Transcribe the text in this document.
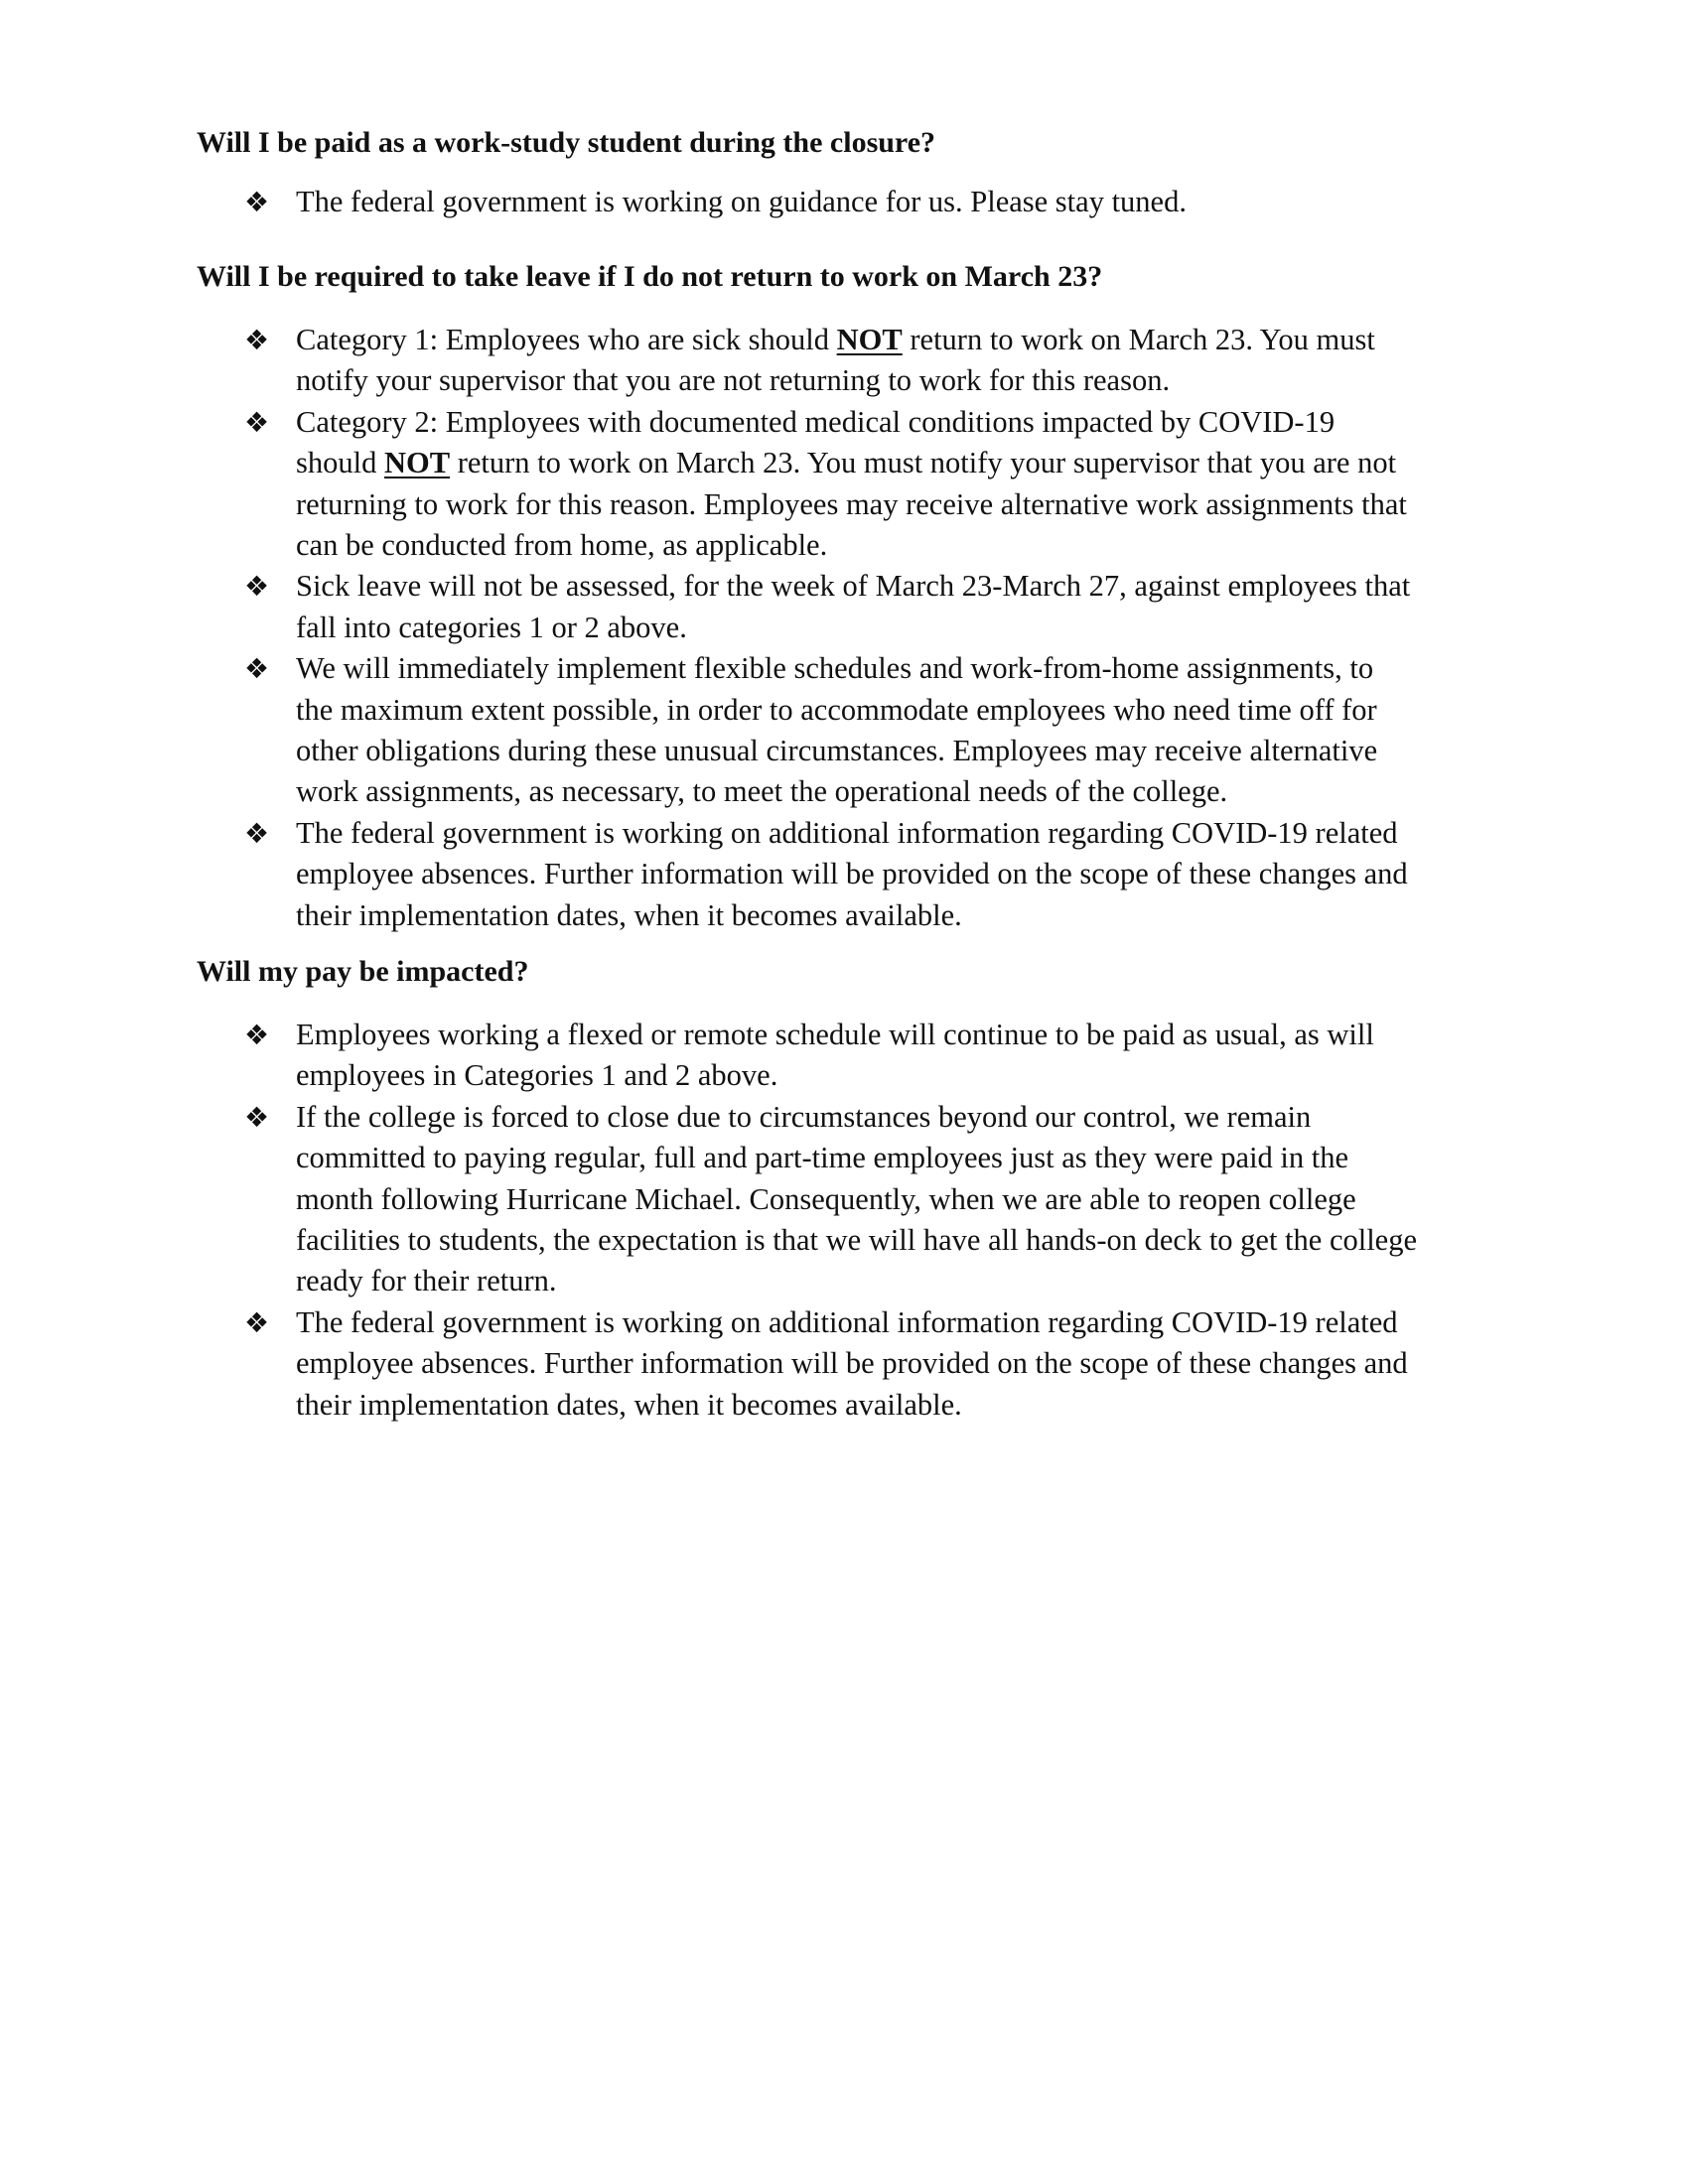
Will I be paid as a work-study student during the closure?
❖ The federal government is working on guidance for us. Please stay tuned.
Will I be required to take leave if I do not return to work on March 23?
❖ Category 1: Employees who are sick should NOT return to work on March 23. You must
notify your supervisor that you are not returning to work for this reason.
❖ Category 2: Employees with documented medical conditions impacted by COVID-19
should NOT return to work on March 23. You must notify your supervisor that you are not
returning to work for this reason. Employees may receive alternative work assignments that
can be conducted from home, as applicable.
❖ Sick leave will not be assessed, for the week of March 23-March 27, against employees that
fall into categories 1 or 2 above.
❖ We will immediately implement flexible schedules and work-from-home assignments, to
the maximum extent possible, in order to accommodate employees who need time off for
other obligations during these unusual circumstances. Employees may receive alternative
work assignments, as necessary, to meet the operational needs of the college.
❖ The federal government is working on additional information regarding COVID-19 related
employee absences. Further information will be provided on the scope of these changes and
their implementation dates, when it becomes available.
Will my pay be impacted?
❖ Employees working a flexed or remote schedule will continue to be paid as usual, as will
employees in Categories 1 and 2 above.
❖ If the college is forced to close due to circumstances beyond our control, we remain
committed to paying regular, full and part-time employees just as they were paid in the
month following Hurricane Michael. Consequently, when we are able to reopen college
facilities to students, the expectation is that we will have all hands-on deck to get the college
ready for their return.
❖ The federal government is working on additional information regarding COVID-19 related
employee absences. Further information will be provided on the scope of these changes and
their implementation dates, when it becomes available.
